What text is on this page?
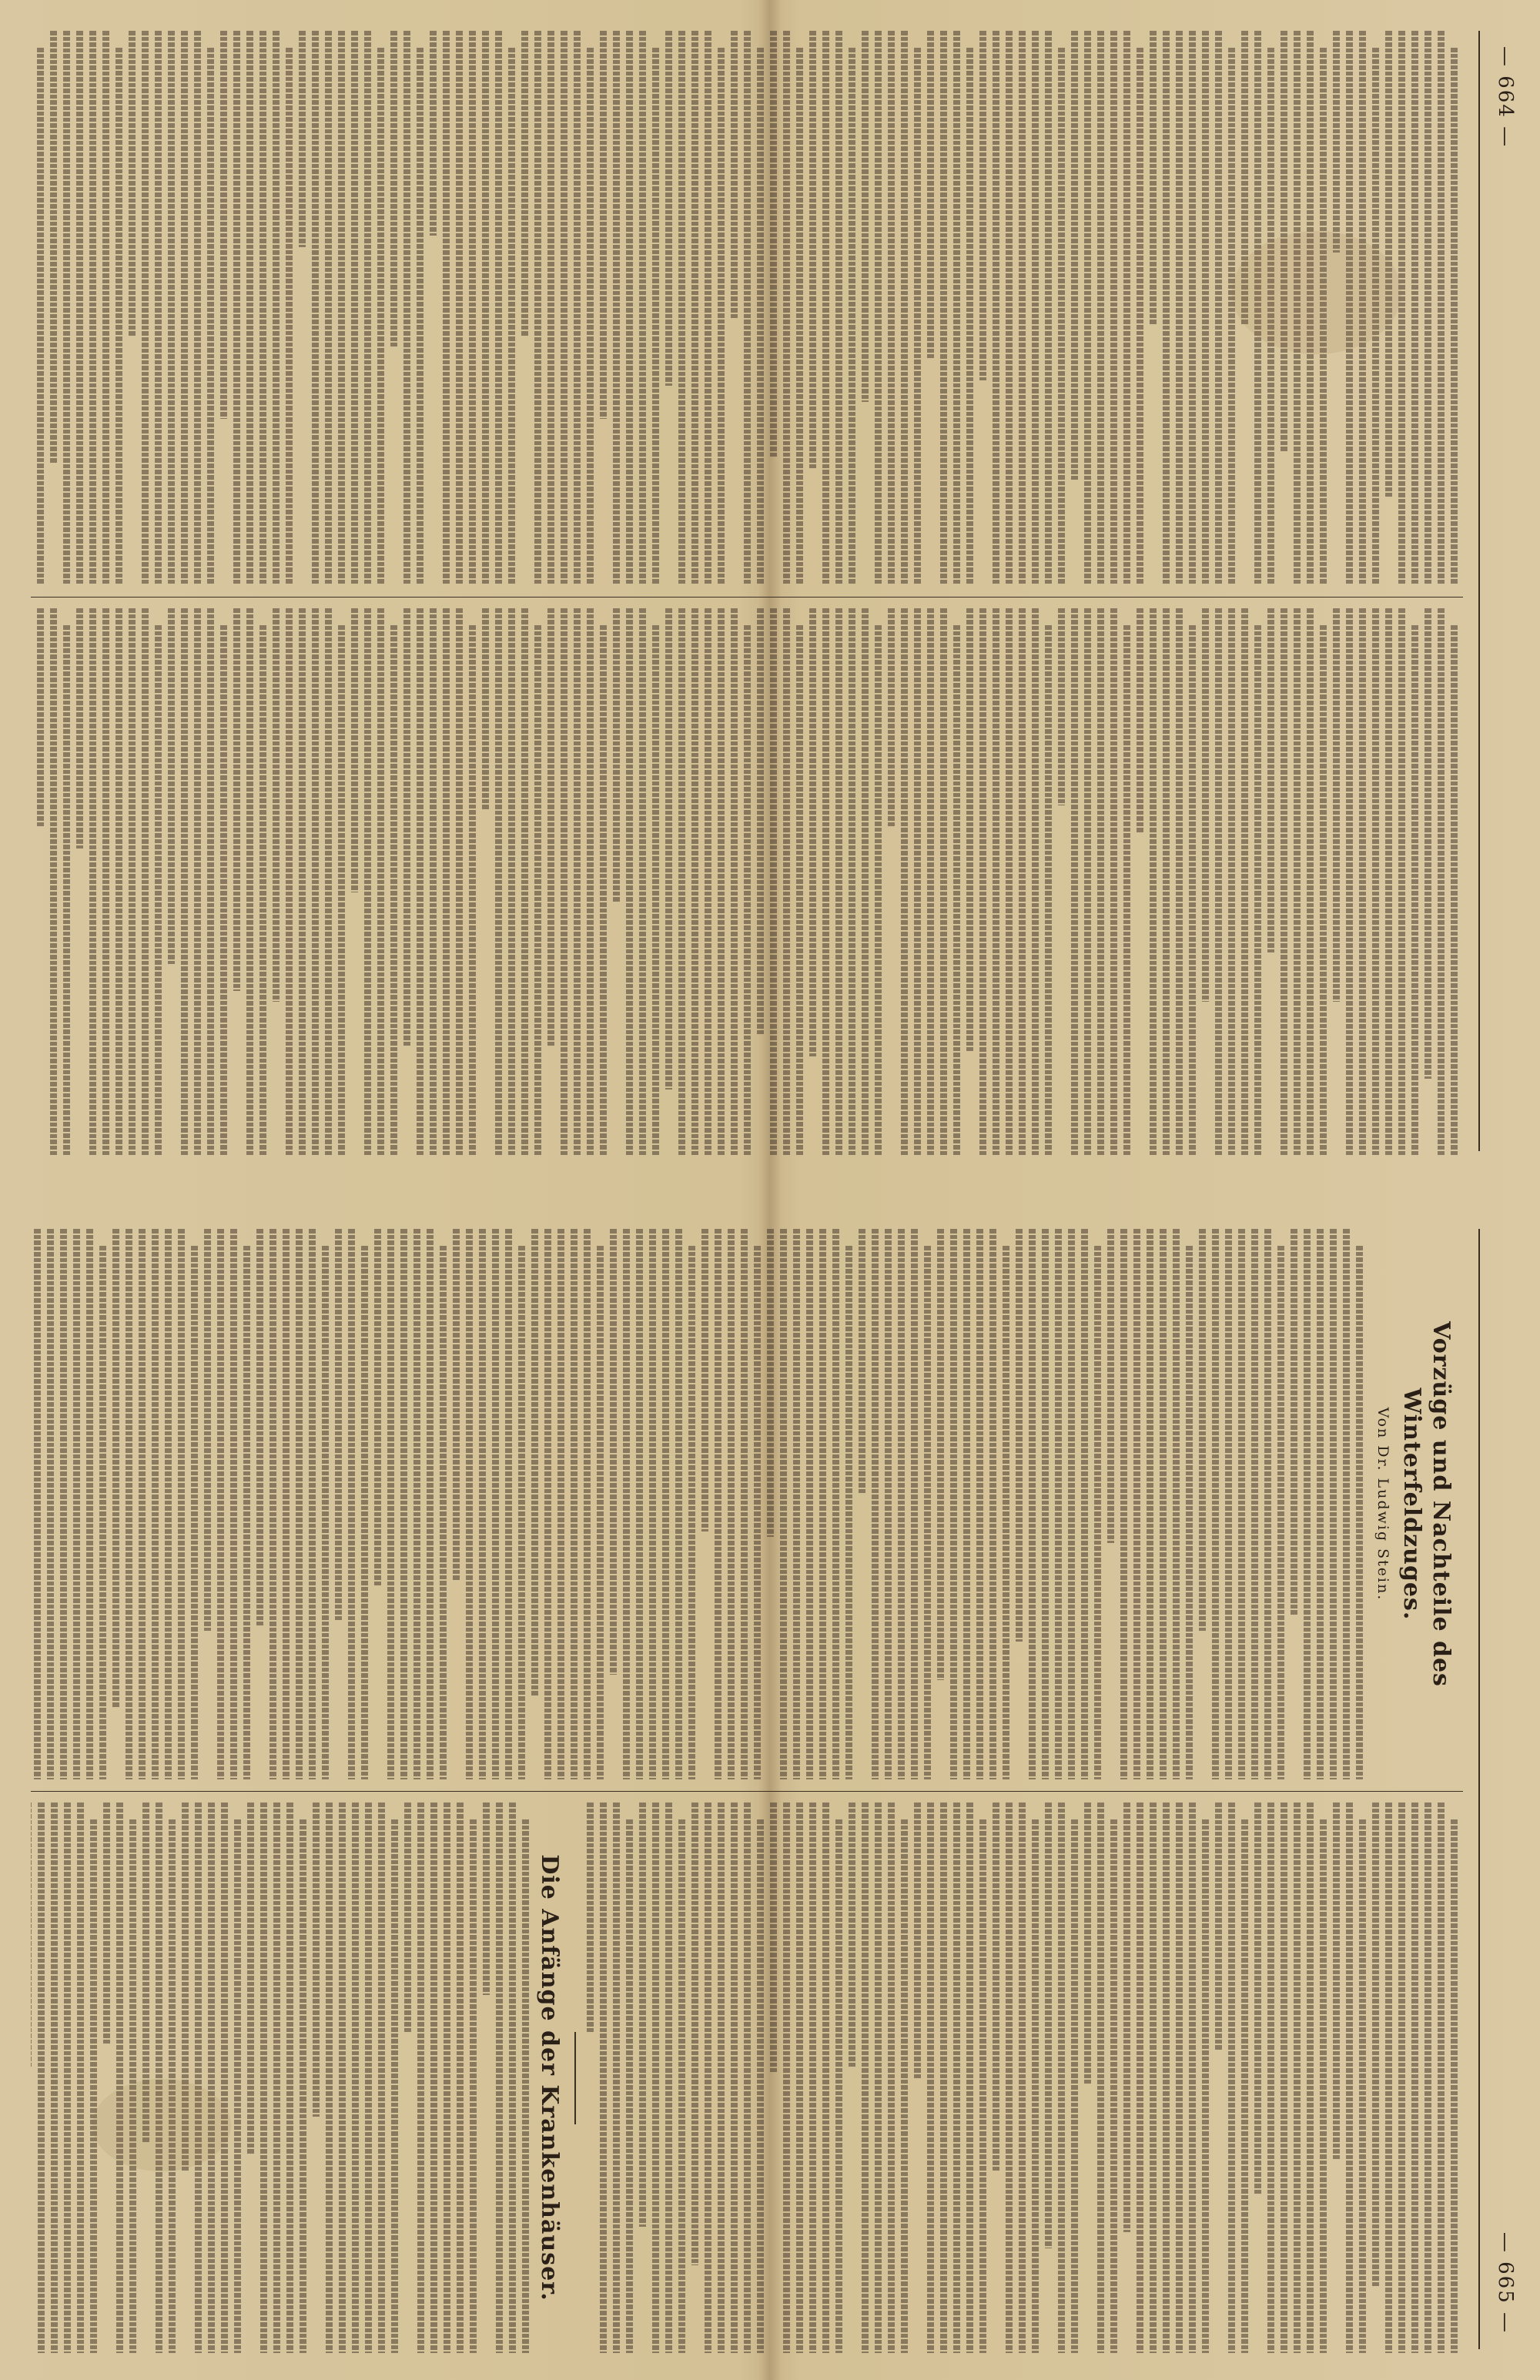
— 664 —
— 665 —
Vorzüge und Nachteile des Winterfeldzuges.
Von Dr. Ludwig Stein.
Die Anfänge der Krankenhäuser.
